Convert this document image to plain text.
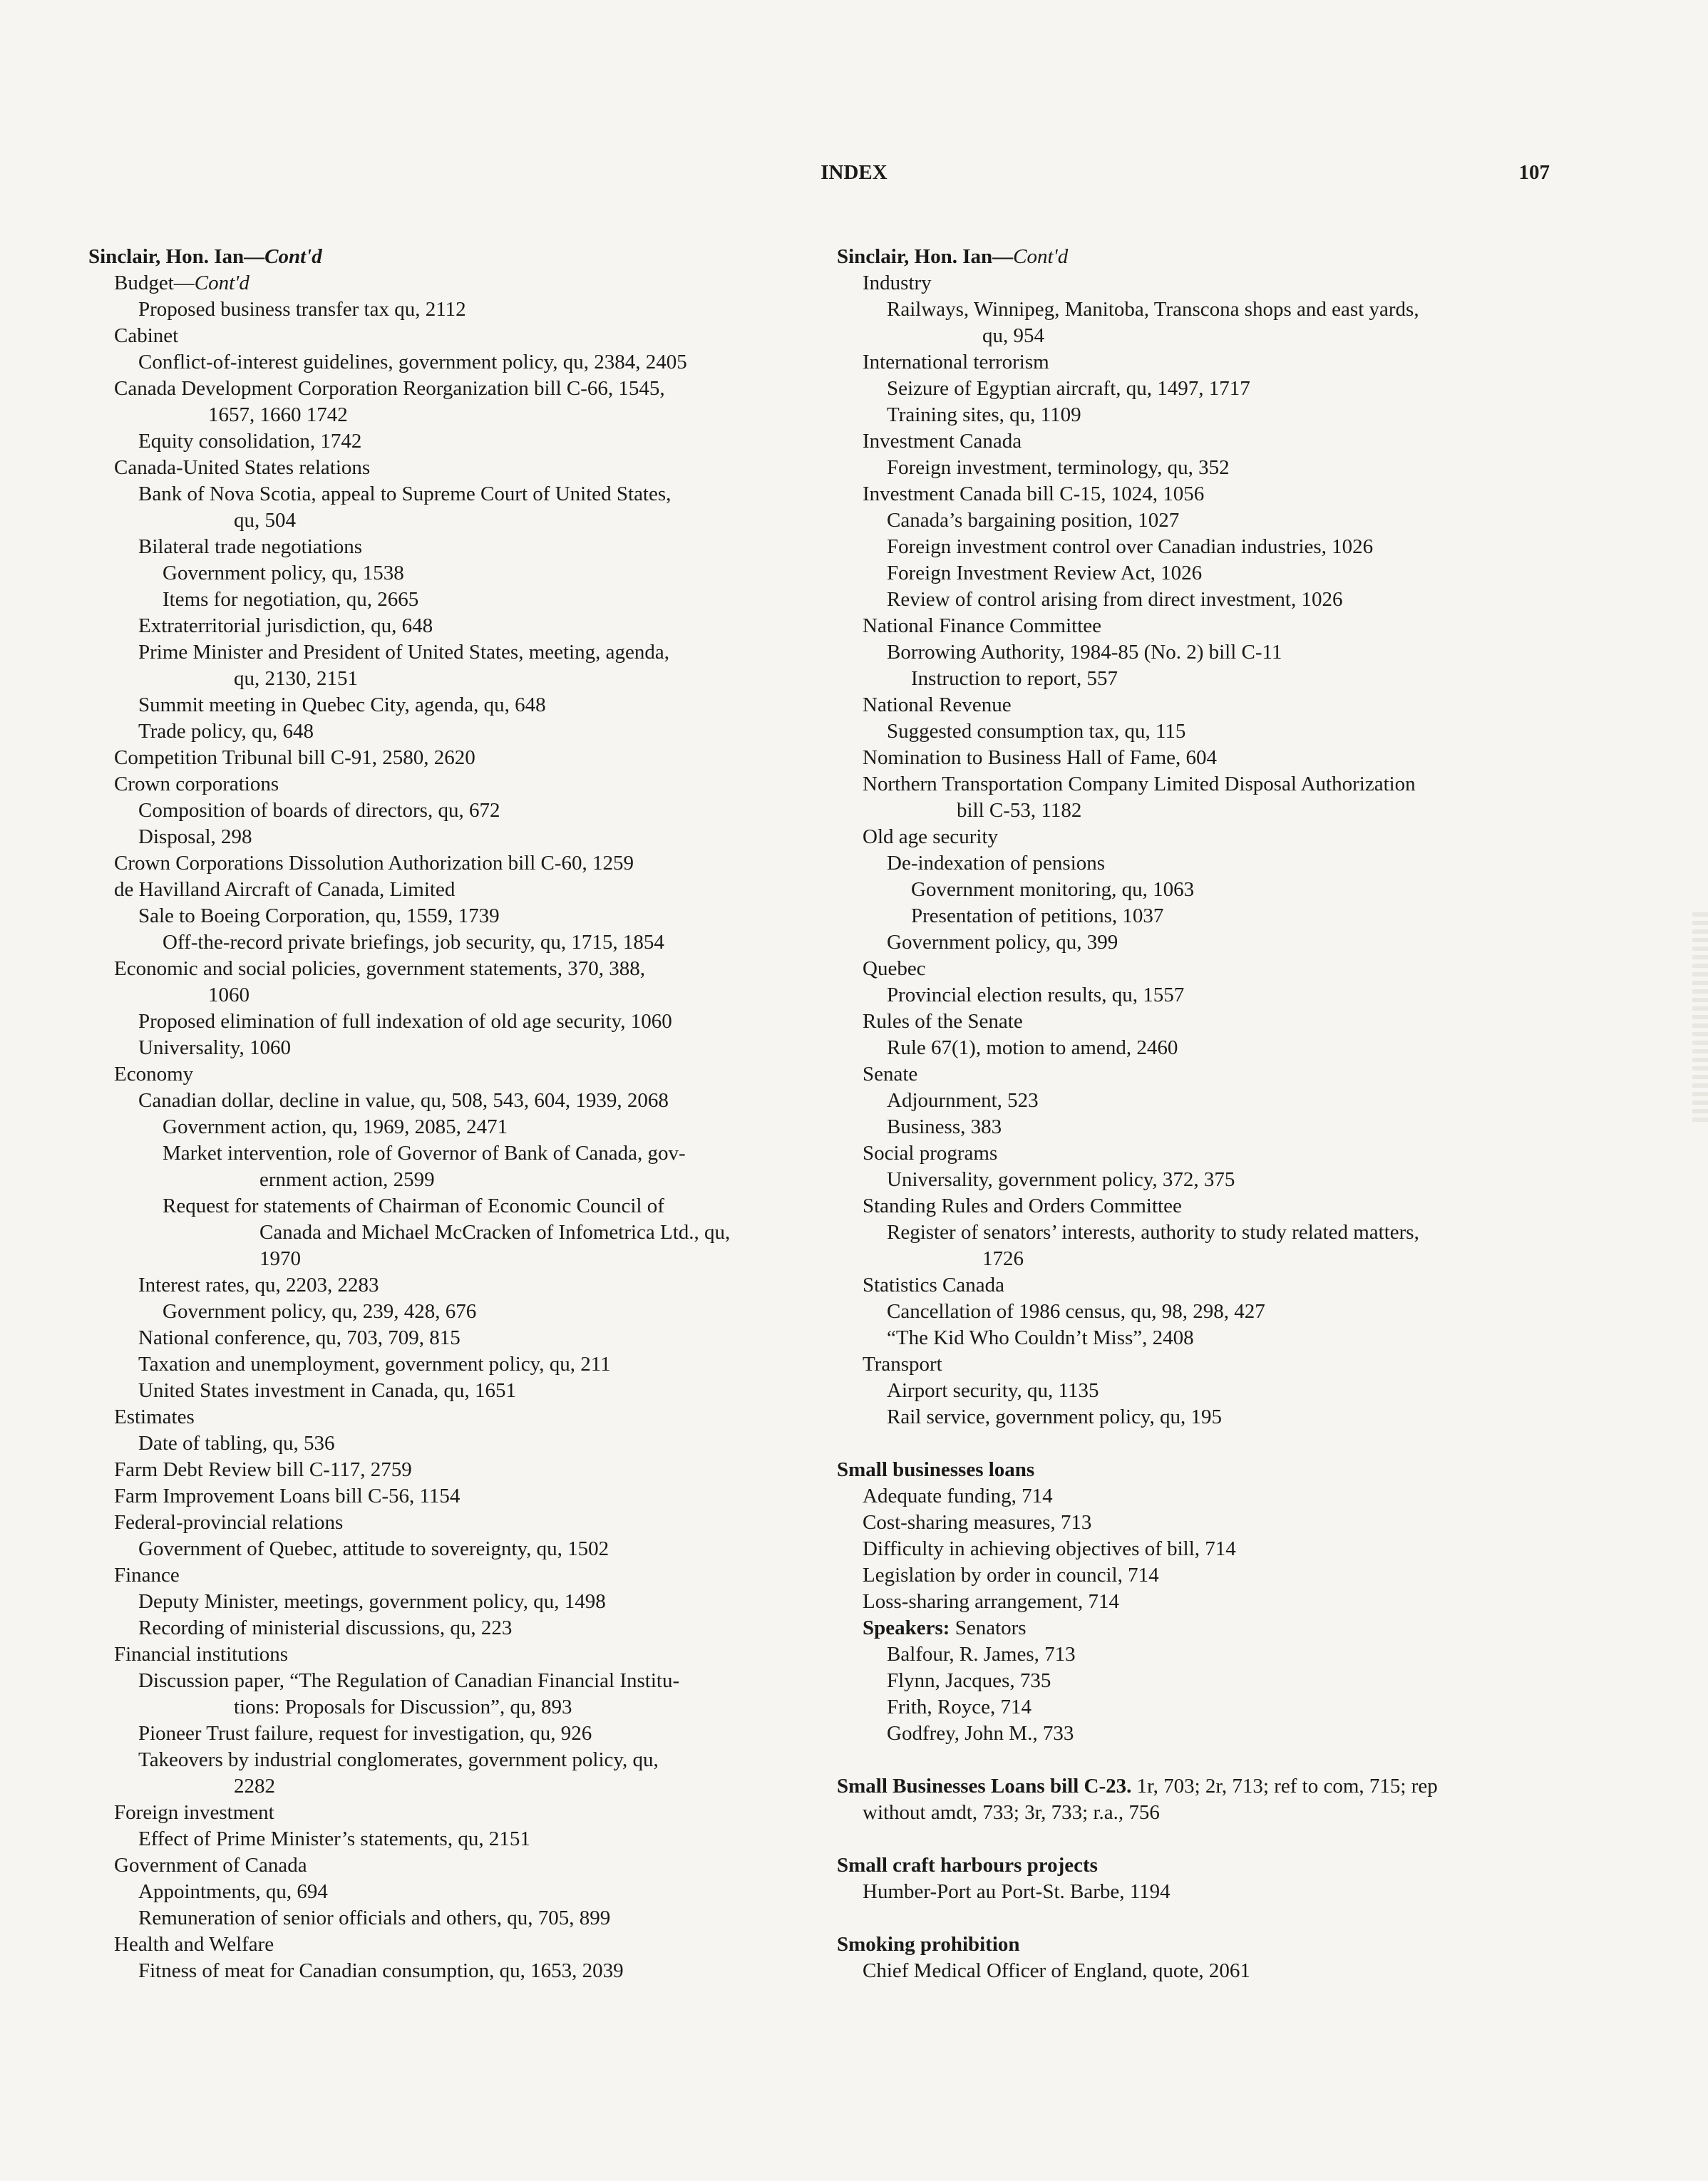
INDEX	107
Sinclair, Hon. Ian—Cont'd
Budget—Cont'd
Proposed business transfer tax qu, 2112
Cabinet
Conflict-of-interest guidelines, government policy, qu, 2384, 2405
Canada Development Corporation Reorganization bill C-66, 1545,
1657, 1660 1742
Equity consolidation, 1742
Canada-United States relations
Bank of Nova Scotia, appeal to Supreme Court of United States,
qu, 504
Bilateral trade negotiations
Government policy, qu, 1538
Items for negotiation, qu, 2665
Extraterritorial jurisdiction, qu, 648
Prime Minister and President of United States, meeting, agenda,
qu, 2130, 2151
Summit meeting in Quebec City, agenda, qu, 648
Trade policy, qu, 648
Competition Tribunal bill C-91, 2580, 2620
Crown corporations
Composition of boards of directors, qu, 672
Disposal, 298
Crown Corporations Dissolution Authorization bill C-60, 1259
de Havilland Aircraft of Canada, Limited
Sale to Boeing Corporation, qu, 1559, 1739
Off-the-record private briefings, job security, qu, 1715, 1854
Economic and social policies, government statements, 370, 388,
1060
Proposed elimination of full indexation of old age security, 1060
Universality, 1060
Economy
Canadian dollar, decline in value, qu, 508, 543, 604, 1939, 2068
Government action, qu, 1969, 2085, 2471
Market intervention, role of Governor of Bank of Canada, gov-
ernment action, 2599
Request for statements of Chairman of Economic Council of
Canada and Michael McCracken of Infometrica Ltd., qu,
1970
Interest rates, qu, 2203, 2283
Government policy, qu, 239, 428, 676
National conference, qu, 703, 709, 815
Taxation and unemployment, government policy, qu, 211
United States investment in Canada, qu, 1651
Estimates
Date of tabling, qu, 536
Farm Debt Review bill C-117, 2759
Farm Improvement Loans bill C-56, 1154
Federal-provincial relations
Government of Quebec, attitude to sovereignty, qu, 1502
Finance
Deputy Minister, meetings, government policy, qu, 1498
Recording of ministerial discussions, qu, 223
Financial institutions
Discussion paper, “The Regulation of Canadian Financial Institu-
tions: Proposals for Discussion”, qu, 893
Pioneer Trust failure, request for investigation, qu, 926
Takeovers by industrial conglomerates, government policy, qu,
2282
Foreign investment
Effect of Prime Minister’s statements, qu, 2151
Government of Canada
Appointments, qu, 694
Remuneration of senior officials and others, qu, 705, 899
Health and Welfare
Fitness of meat for Canadian consumption, qu, 1653, 2039
Sinclair, Hon. Ian—Cont'd
Industry
Railways, Winnipeg, Manitoba, Transcona shops and east yards,
qu, 954
International terrorism
Seizure of Egyptian aircraft, qu, 1497, 1717
Training sites, qu, 1109
Investment Canada
Foreign investment, terminology, qu, 352
Investment Canada bill C-15, 1024, 1056
Canada’s bargaining position, 1027
Foreign investment control over Canadian industries, 1026
Foreign Investment Review Act, 1026
Review of control arising from direct investment, 1026
National Finance Committee
Borrowing Authority, 1984-85 (No. 2) bill C-11
Instruction to report, 557
National Revenue
Suggested consumption tax, qu, 115
Nomination to Business Hall of Fame, 604
Northern Transportation Company Limited Disposal Authorization
bill C-53, 1182
Old age security
De-indexation of pensions
Government monitoring, qu, 1063
Presentation of petitions, 1037
Government policy, qu, 399
Quebec
Provincial election results, qu, 1557
Rules of the Senate
Rule 67(1), motion to amend, 2460
Senate
Adjournment, 523
Business, 383
Social programs
Universality, government policy, 372, 375
Standing Rules and Orders Committee
Register of senators’ interests, authority to study related matters,
1726
Statistics Canada
Cancellation of 1986 census, qu, 98, 298, 427
“The Kid Who Couldn’t Miss”, 2408
Transport
Airport security, qu, 1135
Rail service, government policy, qu, 195
Small businesses loans
Adequate funding, 714
Cost-sharing measures, 713
Difficulty in achieving objectives of bill, 714
Legislation by order in council, 714
Loss-sharing arrangement, 714
Speakers: Senators
Balfour, R. James, 713
Flynn, Jacques, 735
Frith, Royce, 714
Godfrey, John M., 733
Small Businesses Loans bill C-23. 1r, 703; 2r, 713; ref to com, 715; rep
without amdt, 733; 3r, 733; r.a., 756
Small craft harbours projects
Humber-Port au Port-St. Barbe, 1194
Smoking prohibition
Chief Medical Officer of England, quote, 2061
